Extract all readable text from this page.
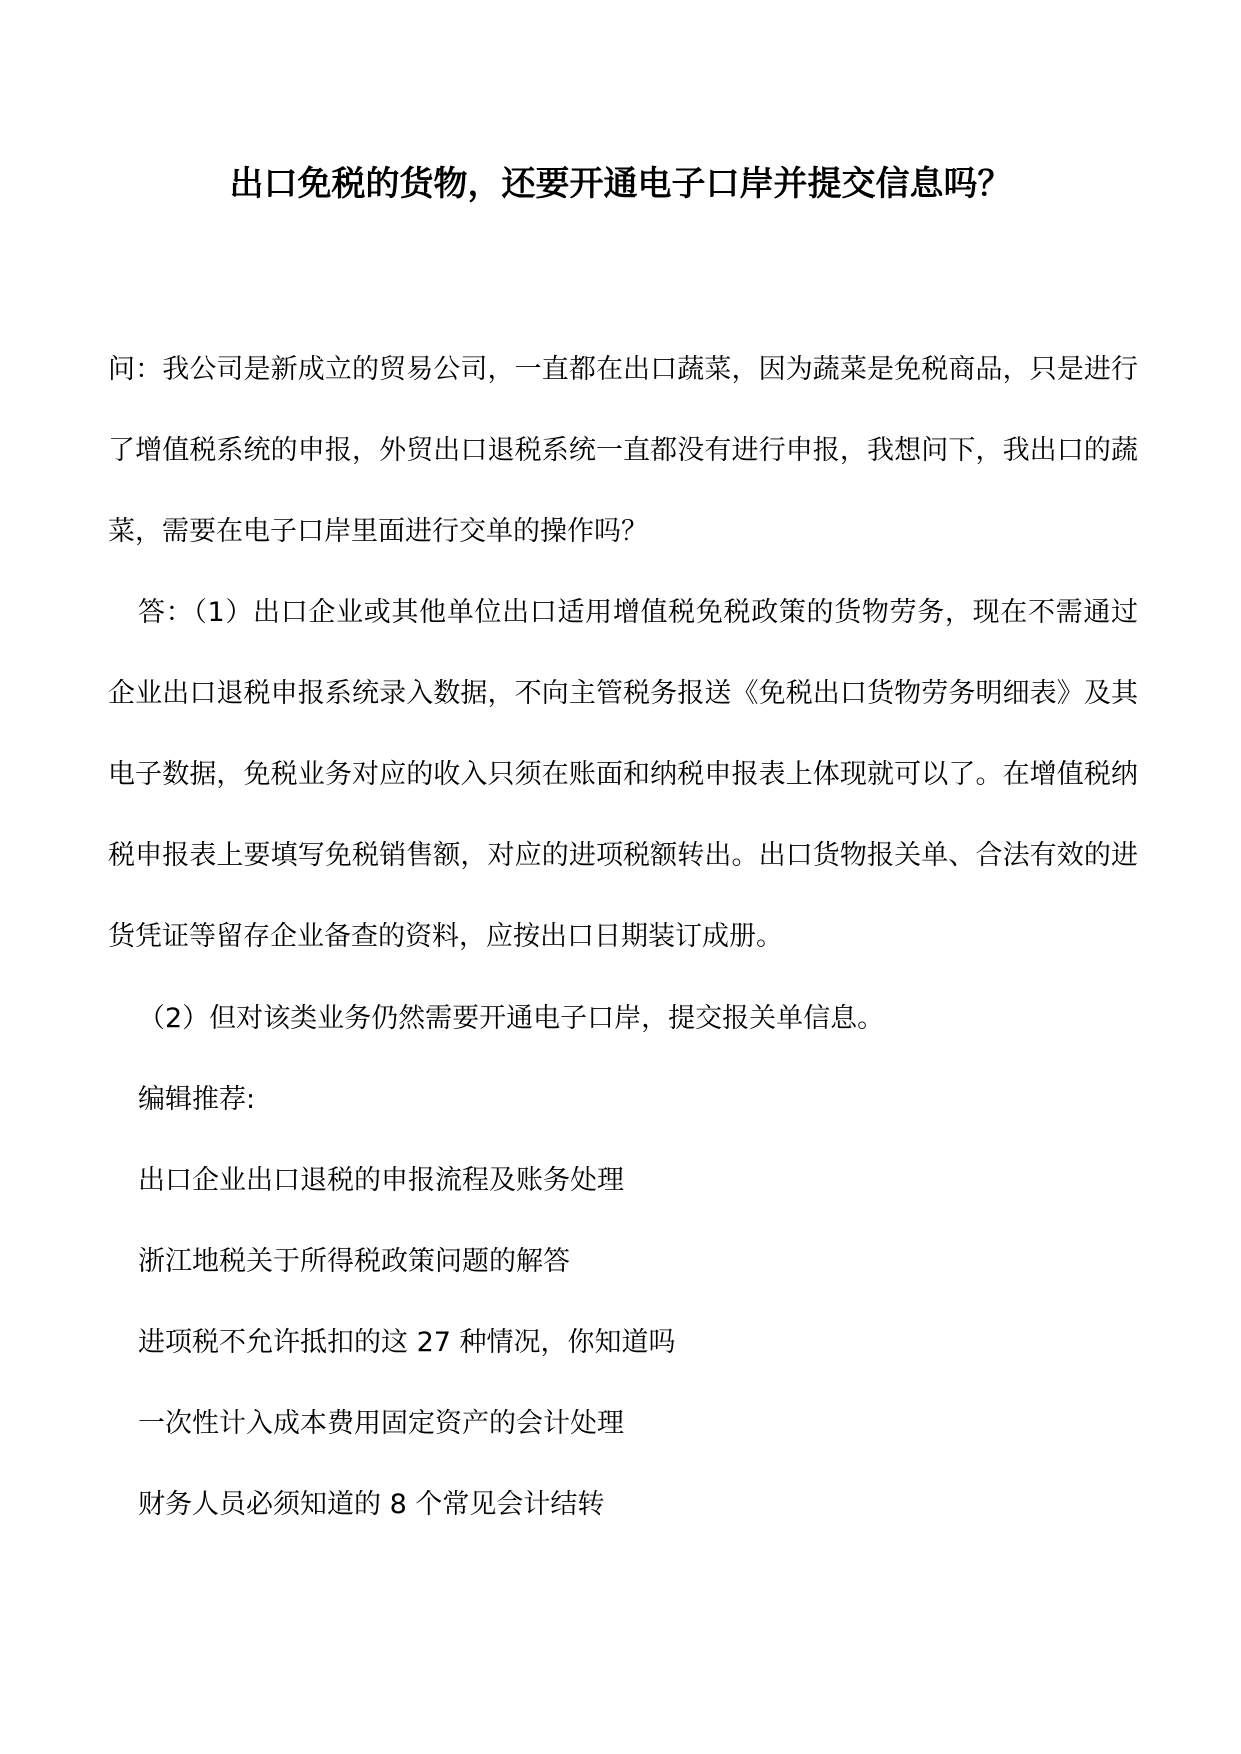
出口免税的货物，还要开通电子口岸并提交信息吗？

问：我公司是新成立的贸易公司，一直都在出口蔬菜，因为蔬菜是免税商品，只是进行了增值税系统的申报，外贸出口退税系统一直都没有进行申报，我想问下，我出口的蔬菜，需要在电子口岸里面进行交单的操作吗？

答：（1）出口企业或其他单位出口适用增值税免税政策的货物劳务，现在不需通过企业出口退税申报系统录入数据，不向主管税务报送《免税出口货物劳务明细表》及其电子数据，免税业务对应的收入只须在账面和纳税申报表上体现就可以了。在增值税纳税申报表上要填写免税销售额，对应的进项税额转出。出口货物报关单、合法有效的进货凭证等留存企业备查的资料，应按出口日期装订成册。

（2）但对该类业务仍然需要开通电子口岸，提交报关单信息。

编辑推荐:

出口企业出口退税的申报流程及账务处理
浙江地税关于所得税政策问题的解答
进项税不允许抵扣的这 27 种情况，你知道吗
一次性计入成本费用固定资产的会计处理
财务人员必须知道的 8 个常见会计结转
